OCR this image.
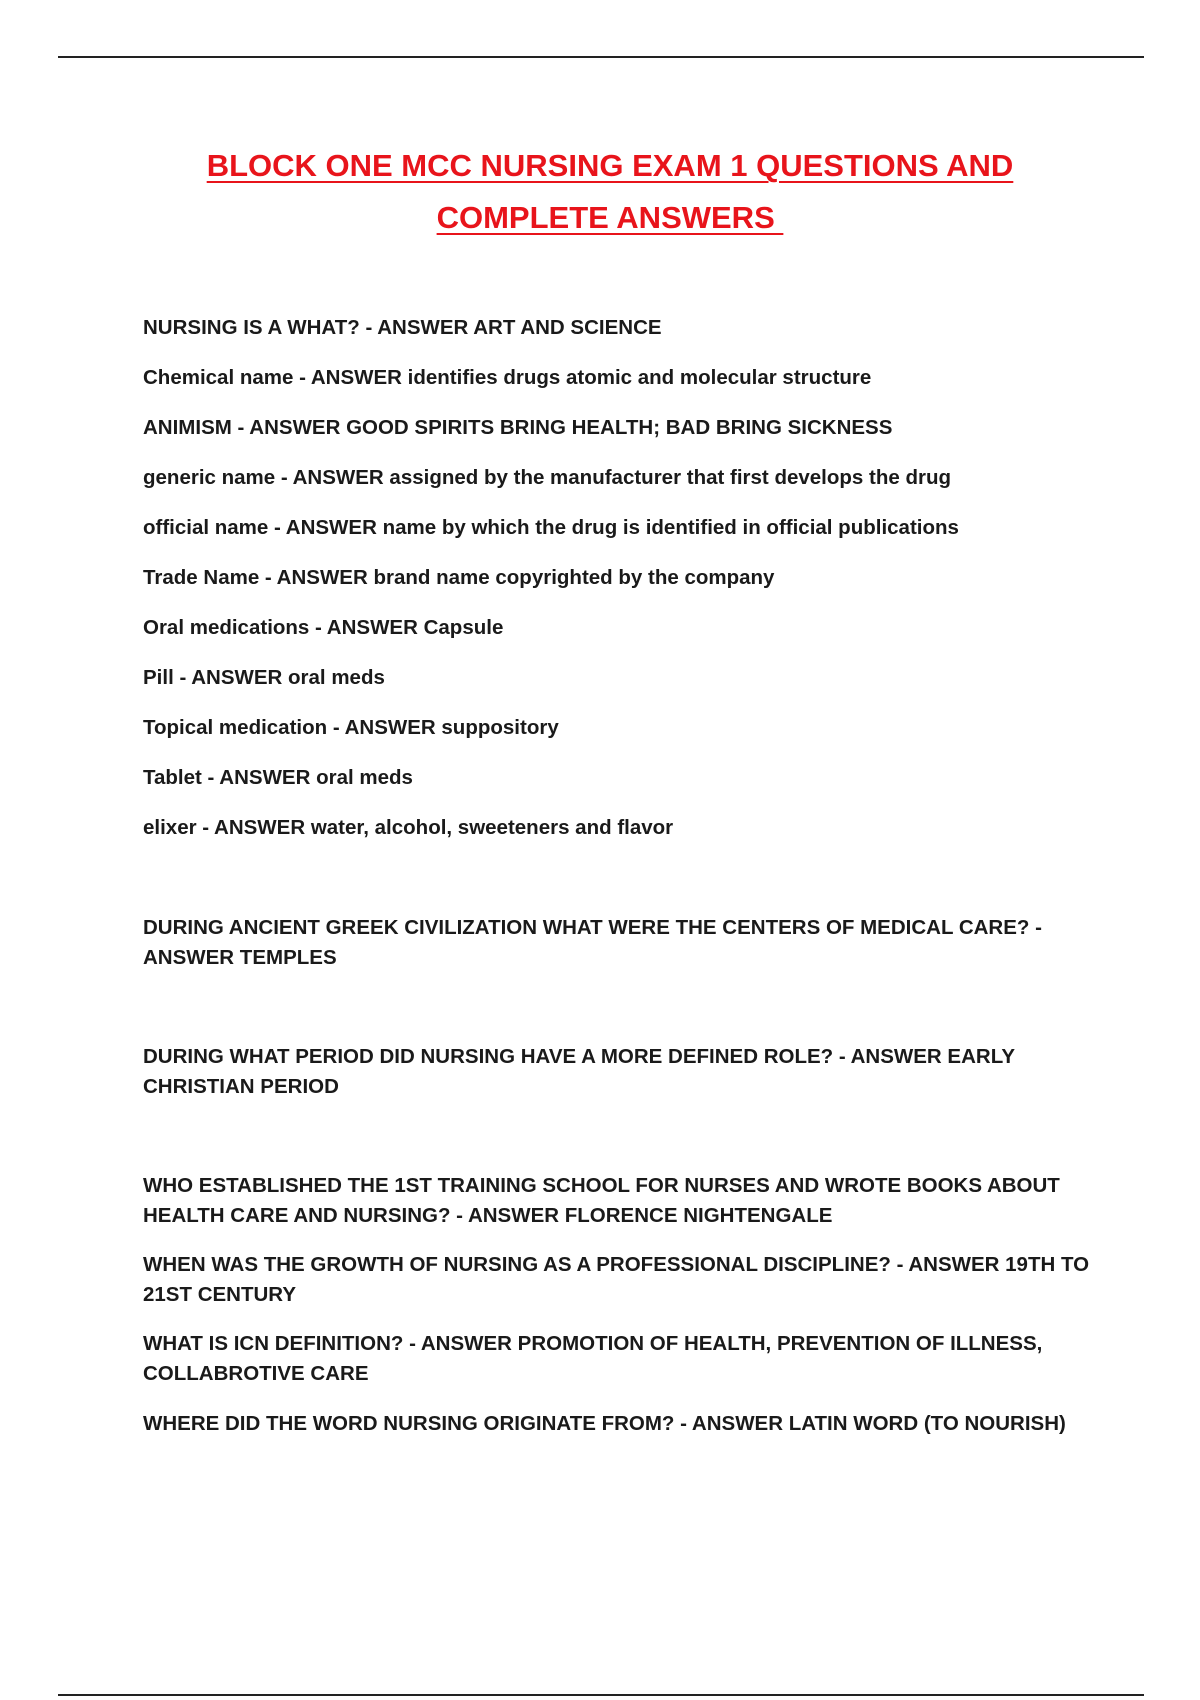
BLOCK ONE MCC NURSING EXAM 1 QUESTIONS AND
COMPLETE ANSWERS

NURSING IS A WHAT? - ANSWER ART AND SCIENCE

Chemical name - ANSWER identifies drugs atomic and molecular structure

ANIMISM - ANSWER GOOD SPIRITS BRING HEALTH; BAD BRING SICKNESS

generic name - ANSWER assigned by the manufacturer that first develops the drug

official name - ANSWER name by which the drug is identified in official publications

Trade Name - ANSWER brand name copyrighted by the company

Oral medications - ANSWER Capsule

Pill - ANSWER oral meds

Topical medication - ANSWER suppository

Tablet - ANSWER oral meds

elixer - ANSWER water, alcohol, sweeteners and flavor

DURING ANCIENT GREEK CIVILIZATION WHAT WERE THE CENTERS OF MEDICAL CARE? - ANSWER TEMPLES

DURING WHAT PERIOD DID NURSING HAVE A MORE DEFINED ROLE? - ANSWER EARLY CHRISTIAN PERIOD

WHO ESTABLISHED THE 1ST TRAINING SCHOOL FOR NURSES AND WROTE BOOKS ABOUT HEALTH CARE AND NURSING? - ANSWER FLORENCE NIGHTENGALE

WHEN WAS THE GROWTH OF NURSING AS A PROFESSIONAL DISCIPLINE? - ANSWER 19TH TO 21ST CENTURY

WHAT IS ICN DEFINITION? - ANSWER PROMOTION OF HEALTH, PREVENTION OF ILLNESS, COLLABROTIVE CARE

WHERE DID THE WORD NURSING ORIGINATE FROM? - ANSWER LATIN WORD (TO NOURISH)
